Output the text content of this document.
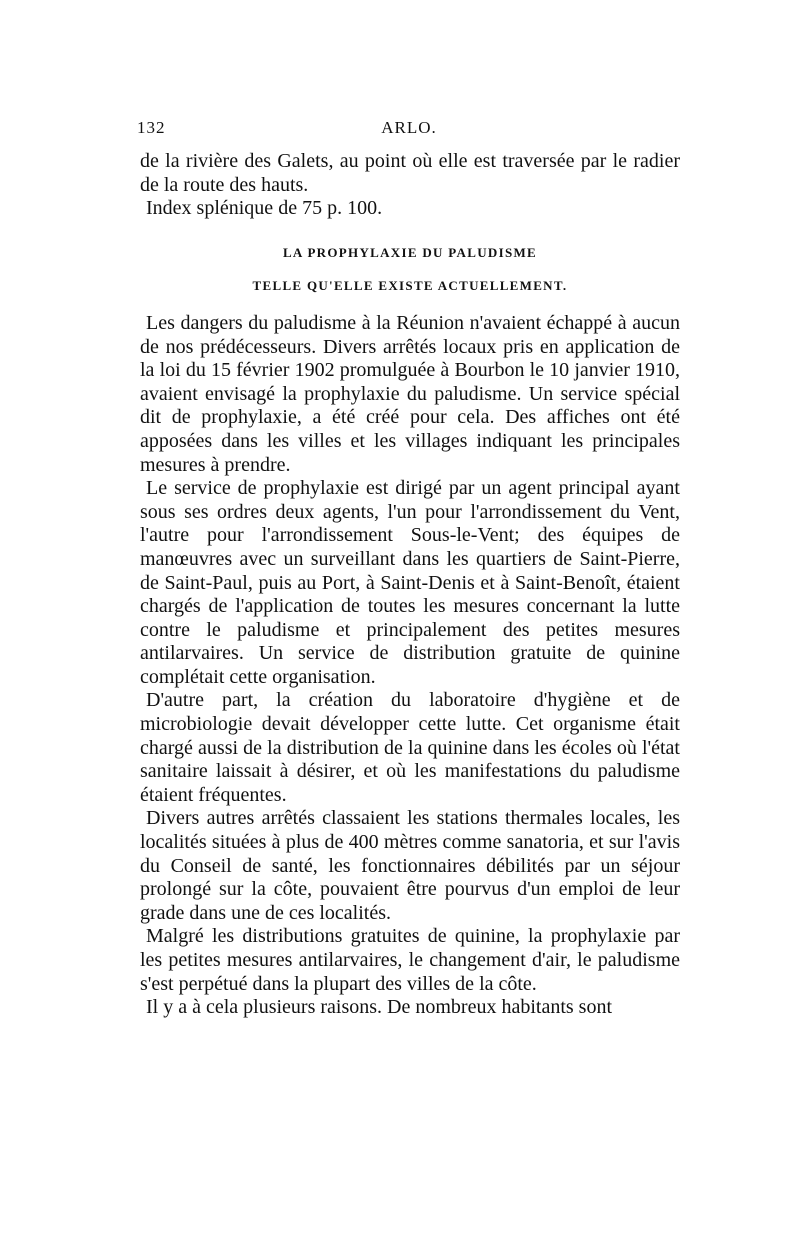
132	ARLO.

de la rivière des Galets, au point où elle est traversée par le radier de la route des hauts.

Index splénique de 75 p. 100.

LA PROPHYLAXIE DU PALUDISME

TELLE QU'ELLE EXISTE ACTUELLEMENT.

Les dangers du paludisme à la Réunion n'avaient échappé à aucun de nos prédécesseurs. Divers arrêtés locaux pris en application de la loi du 15 février 1902 promulguée à Bourbon le 10 janvier 1910, avaient envisagé la prophylaxie du paludisme. Un service spécial dit de prophylaxie, a été créé pour cela. Des affiches ont été apposées dans les villes et les villages indiquant les principales mesures à prendre.

Le service de prophylaxie est dirigé par un agent principal ayant sous ses ordres deux agents, l'un pour l'arrondissement du Vent, l'autre pour l'arrondissement Sous-le-Vent; des équipes de manœuvres avec un surveillant dans les quartiers de Saint-Pierre, de Saint-Paul, puis au Port, à Saint-Denis et à Saint-Benoît, étaient chargés de l'application de toutes les mesures concernant la lutte contre le paludisme et principalement des petites mesures antilarvaires. Un service de distribution gratuite de quinine complétait cette organisation.

D'autre part, la création du laboratoire d'hygiène et de microbiologie devait développer cette lutte. Cet organisme était chargé aussi de la distribution de la quinine dans les écoles où l'état sanitaire laissait à désirer, et où les manifestations du paludisme étaient fréquentes.

Divers autres arrêtés classaient les stations thermales locales, les localités situées à plus de 400 mètres comme sanatoria, et sur l'avis du Conseil de santé, les fonctionnaires débilités par un séjour prolongé sur la côte, pouvaient être pourvus d'un emploi de leur grade dans une de ces localités.

Malgré les distributions gratuites de quinine, la prophylaxie par les petites mesures antilarvaires, le changement d'air, le paludisme s'est perpétué dans la plupart des villes de la côte.

Il y a à cela plusieurs raisons. De nombreux habitants sont
